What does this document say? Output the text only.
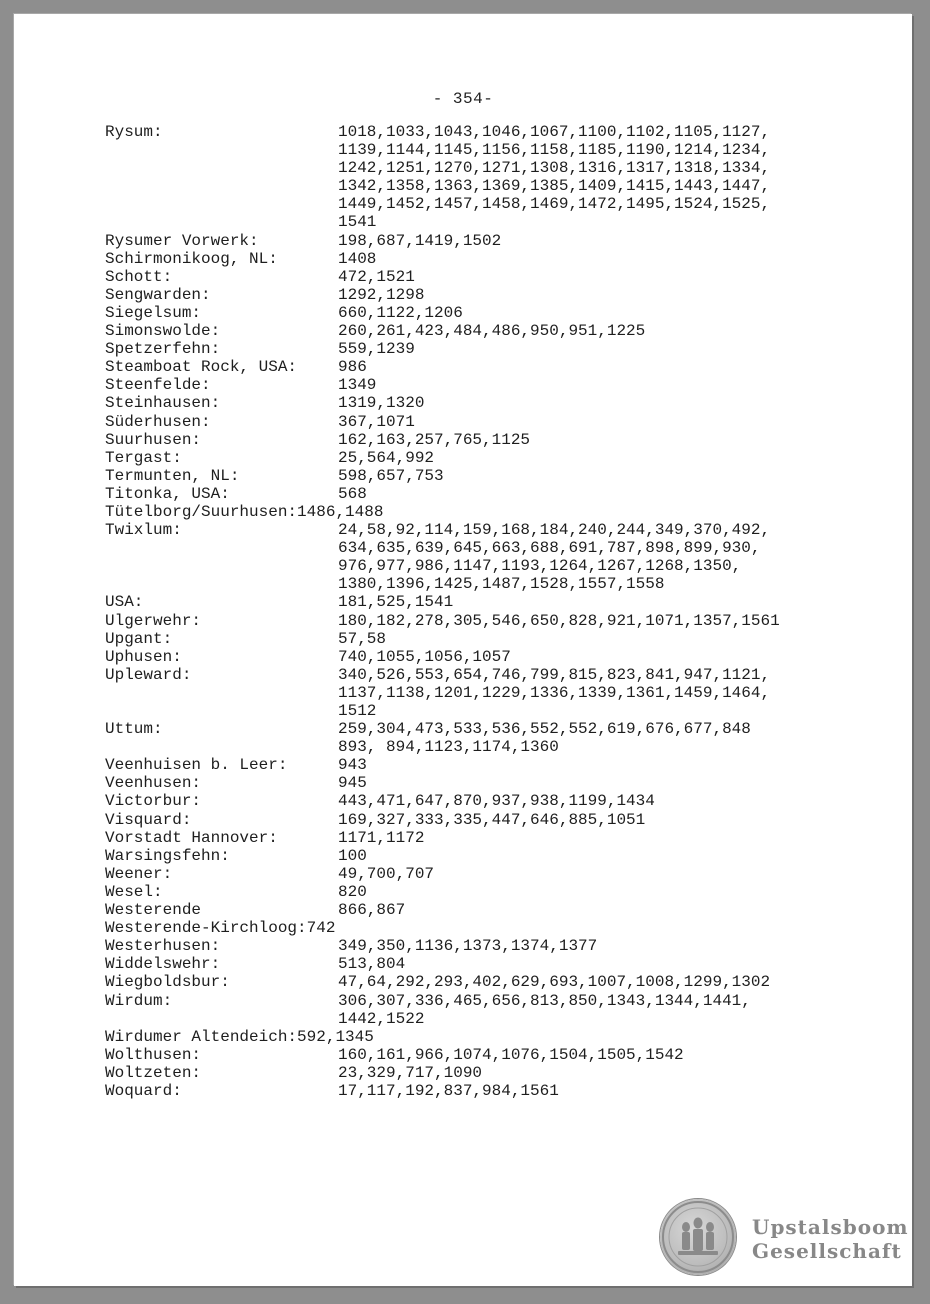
- 354-
Rysum:	1018,1033,1043,1046,1067,1100,1102,1105,1127,
1139,1144,1145,1156,1158,1185,1190,1214,1234,
1242,1251,1270,1271,1308,1316,1317,1318,1334,
1342,1358,1363,1369,1385,1409,1415,1443,1447,
1449,1452,1457,1458,1469,1472,1495,1524,1525,
1541
Rysumer Vorwerk:	198,687,1419,1502
Schirmonikoog, NL:	1408
Schott:	472,1521
Sengwarden:	1292,1298
Siegelsum:	660,1122,1206
Simonswolde:	260,261,423,484,486,950,951,1225
Spetzerfehn:	559,1239
Steamboat Rock, USA:	986
Steenfelde:	1349
Steinhausen:	1319,1320
Süderhusen:	367,1071
Suurhusen:	162,163,257,765,1125
Tergast:	25,564,992
Termunten, NL:	598,657,753
Titonka, USA:	568
Tütelborg/Suurhusen: 1486,1488
Twixlum:	24,58,92,114,159,168,184,240,244,349,370,492,
634,635,639,645,663,688,691,787,898,899,930,
976,977,986,1147,1193,1264,1267,1268,1350,
1380,1396,1425,1487,1528,1557,1558
USA:	181,525,1541
Ulgerwehr:	180,182,278,305,546,650,828,921,1071,1357,1561
Upgant:	57,58
Uphusen:	740,1055,1056,1057
Upleward:	340,526,553,654,746,799,815,823,841,947,1121,
1137,1138,1201,1229,1336,1339,1361,1459,1464,
1512
Uttum:	259,304,473,533,536,552,552,619,676,677,848
893, 894,1123,1174,1360
Veenhuisen b. Leer:	943
Veenhusen:	945
Victorbur:	443,471,647,870,937,938,1199,1434
Visquard:	169,327,333,335,447,646,885,1051
Vorstadt Hannover:	1171,1172
Warsingsfehn:	100
Weener:	49,700,707
Wesel:	820
Westerende	866,867
Westerende-Kirchloog: 742
Westerhusen:	349,350,1136,1373,1374,1377
Widdelswehr:	513,804
Wiegboldsbur:	47,64,292,293,402,629,693,1007,1008,1299,1302
Wirdum:	306,307,336,465,656,813,850,1343,1344,1441,
1442,1522
Wirdumer Altendeich: 592,1345
Wolthusen:	160,161,966,1074,1076,1504,1505,1542
Woltzeten:	23,329,717,1090
Woquard:	17,117,192,837,984,1561
Upstalsboom
Gesellschaft
